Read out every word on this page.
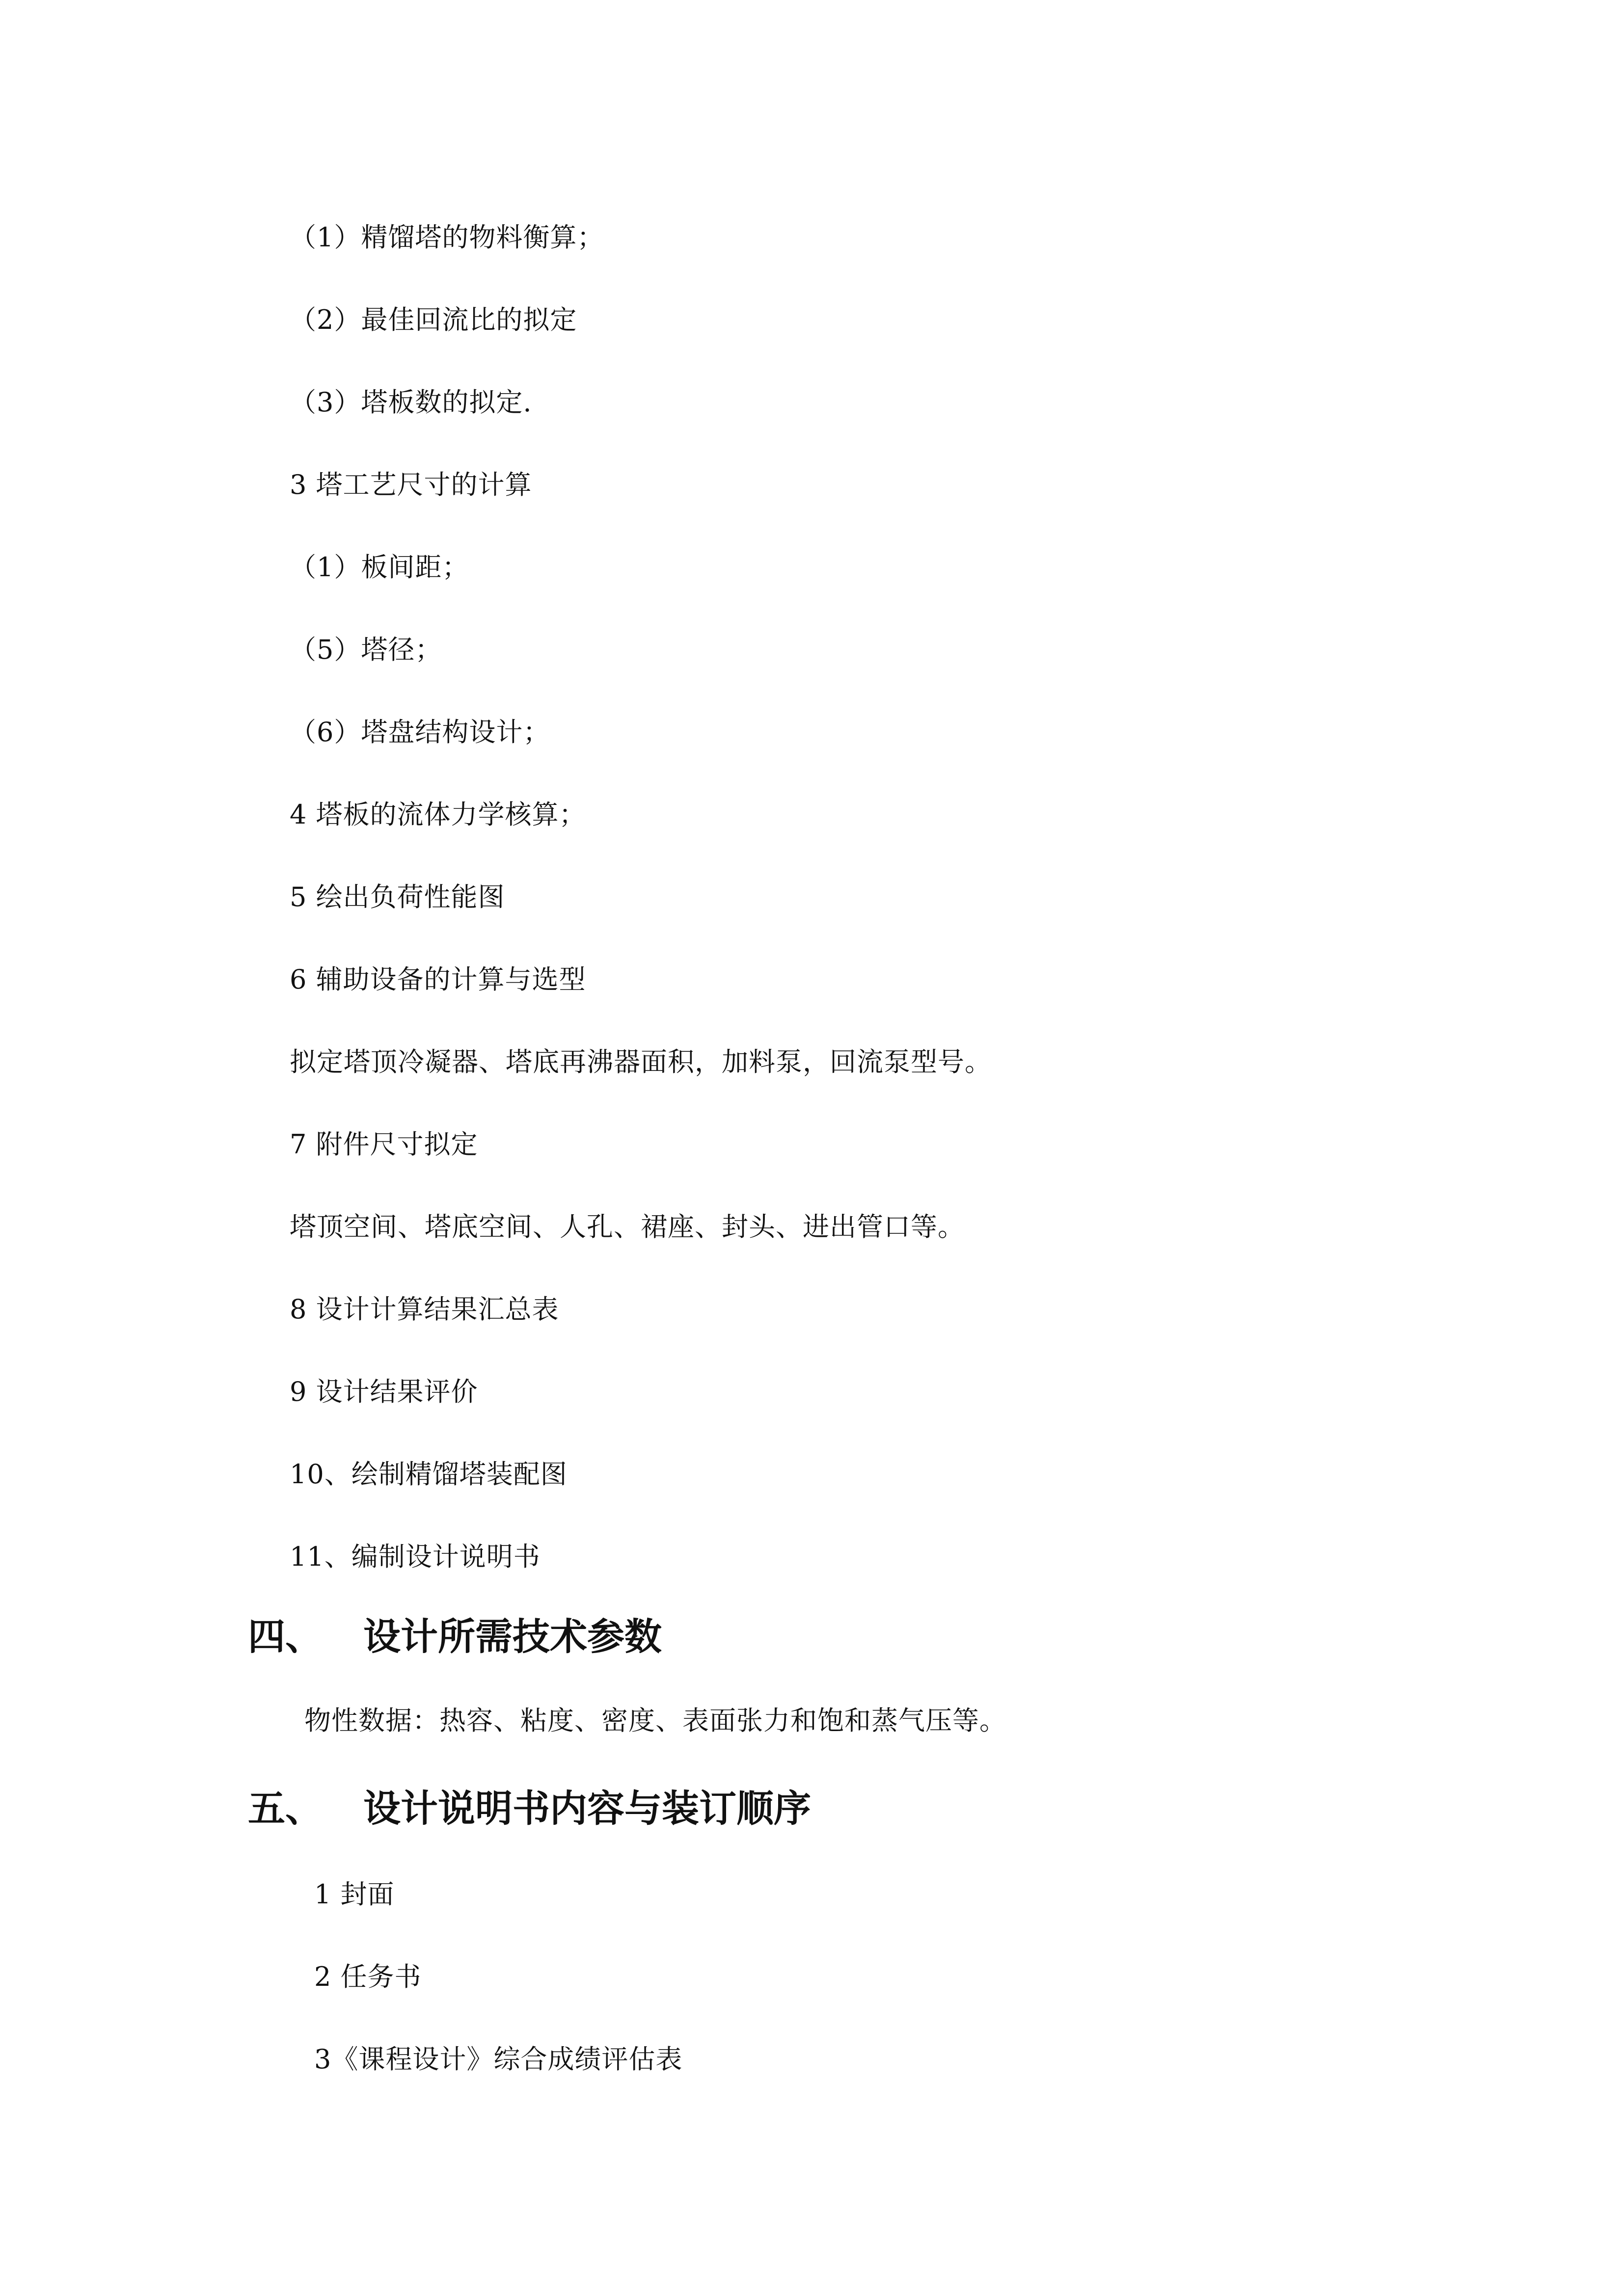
（1）精馏塔的物料衡算；
（2）最佳回流比的拟定
（3）塔板数的拟定.
3 塔工艺尺寸的计算
（1）板间距；
（5）塔径；
（6）塔盘结构设计；
4 塔板的流体力学核算；
5 绘出负荷性能图
6 辅助设备的计算与选型
拟定塔顶冷凝器、塔底再沸器面积，加料泵，回流泵型号。
7 附件尺寸拟定
塔顶空间、塔底空间、人孔、裙座、封头、进出管口等。
8 设计计算结果汇总表
9 设计结果评价
10、绘制精馏塔装配图
11、编制设计说明书
四、 设计所需技术参数
物性数据：热容、粘度、密度、表面张力和饱和蒸气压等。
五、 设计说明书内容与装订顺序
1 封面
2 任务书
3《课程设计》综合成绩评估表
